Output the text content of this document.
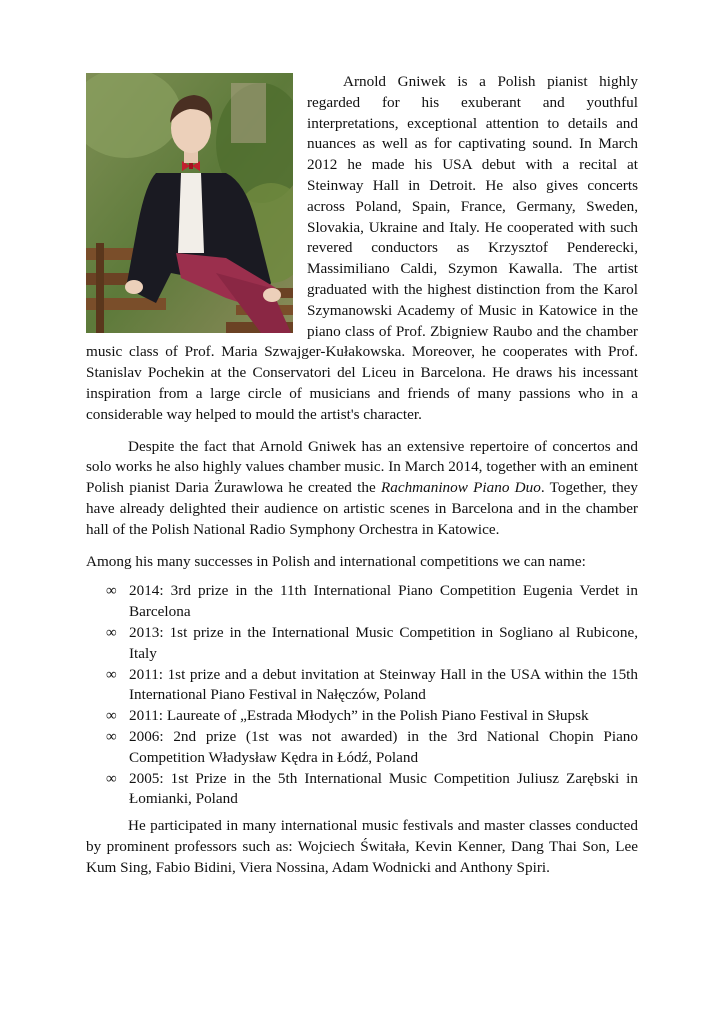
Arnold Gniwek is a Polish pianist highly regarded for his exuberant and youthful interpretations, exceptional attention to details and nuances as well as for captivating sound. In March 2012 he made his USA debut with a recital at Steinway Hall in Detroit. He also gives concerts across Poland, Spain, France, Germany, Sweden, Slovakia, Ukraine and Italy. He cooperated with such revered conductors as Krzysztof Penderecki, Massimiliano Caldi, Szymon Kawalla. The artist graduated with the highest distinction from the Karol Szymanowski Academy of Music in Katowice in the piano class of Prof. Zbigniew Raubo and the chamber music class of Prof. Maria Szwajger-Kułakowska. Moreover, he cooperates with Prof. Stanislav Pochekin at the Conservatori del Liceu in Barcelona. He draws his incessant inspiration from a large circle of musicians and friends of many passions who in a considerable way helped to mould the artist's character.

Despite the fact that Arnold Gniwek has an extensive repertoire of concertos and solo works he also highly values chamber music. In March 2014, together with an eminent Polish pianist Daria Żurawlowa he created the Rachmaninow Piano Duo. Together, they have already delighted their audience on artistic scenes in Barcelona and in the chamber hall of the Polish National Radio Symphony Orchestra in Katowice.

Among his many successes in Polish and international competitions we can name:

∞ 2014: 3rd prize in the 11th International Piano Competition Eugenia Verdet in Barcelona
∞ 2013: 1st prize in the International Music Competition in Sogliano al Rubicone, Italy
∞ 2011: 1st prize and a debut invitation at Steinway Hall in the USA within the 15th International Piano Festival in Nałęczów, Poland
∞ 2011: Laureate of „Estrada Młodych” in the Polish Piano Festival in Słupsk
∞ 2006: 2nd prize (1st was not awarded) in the 3rd National Chopin Piano Competition Władysław Kędra in Łódź, Poland
∞ 2005: 1st Prize in the 5th International Music Competition Juliusz Zarębski in Łomianki, Poland

He participated in many international music festivals and master classes conducted by prominent professors such as: Wojciech Świtała, Kevin Kenner, Dang Thai Son, Lee Kum Sing, Fabio Bidini, Viera Nossina, Adam Wodnicki and Anthony Spiri.
